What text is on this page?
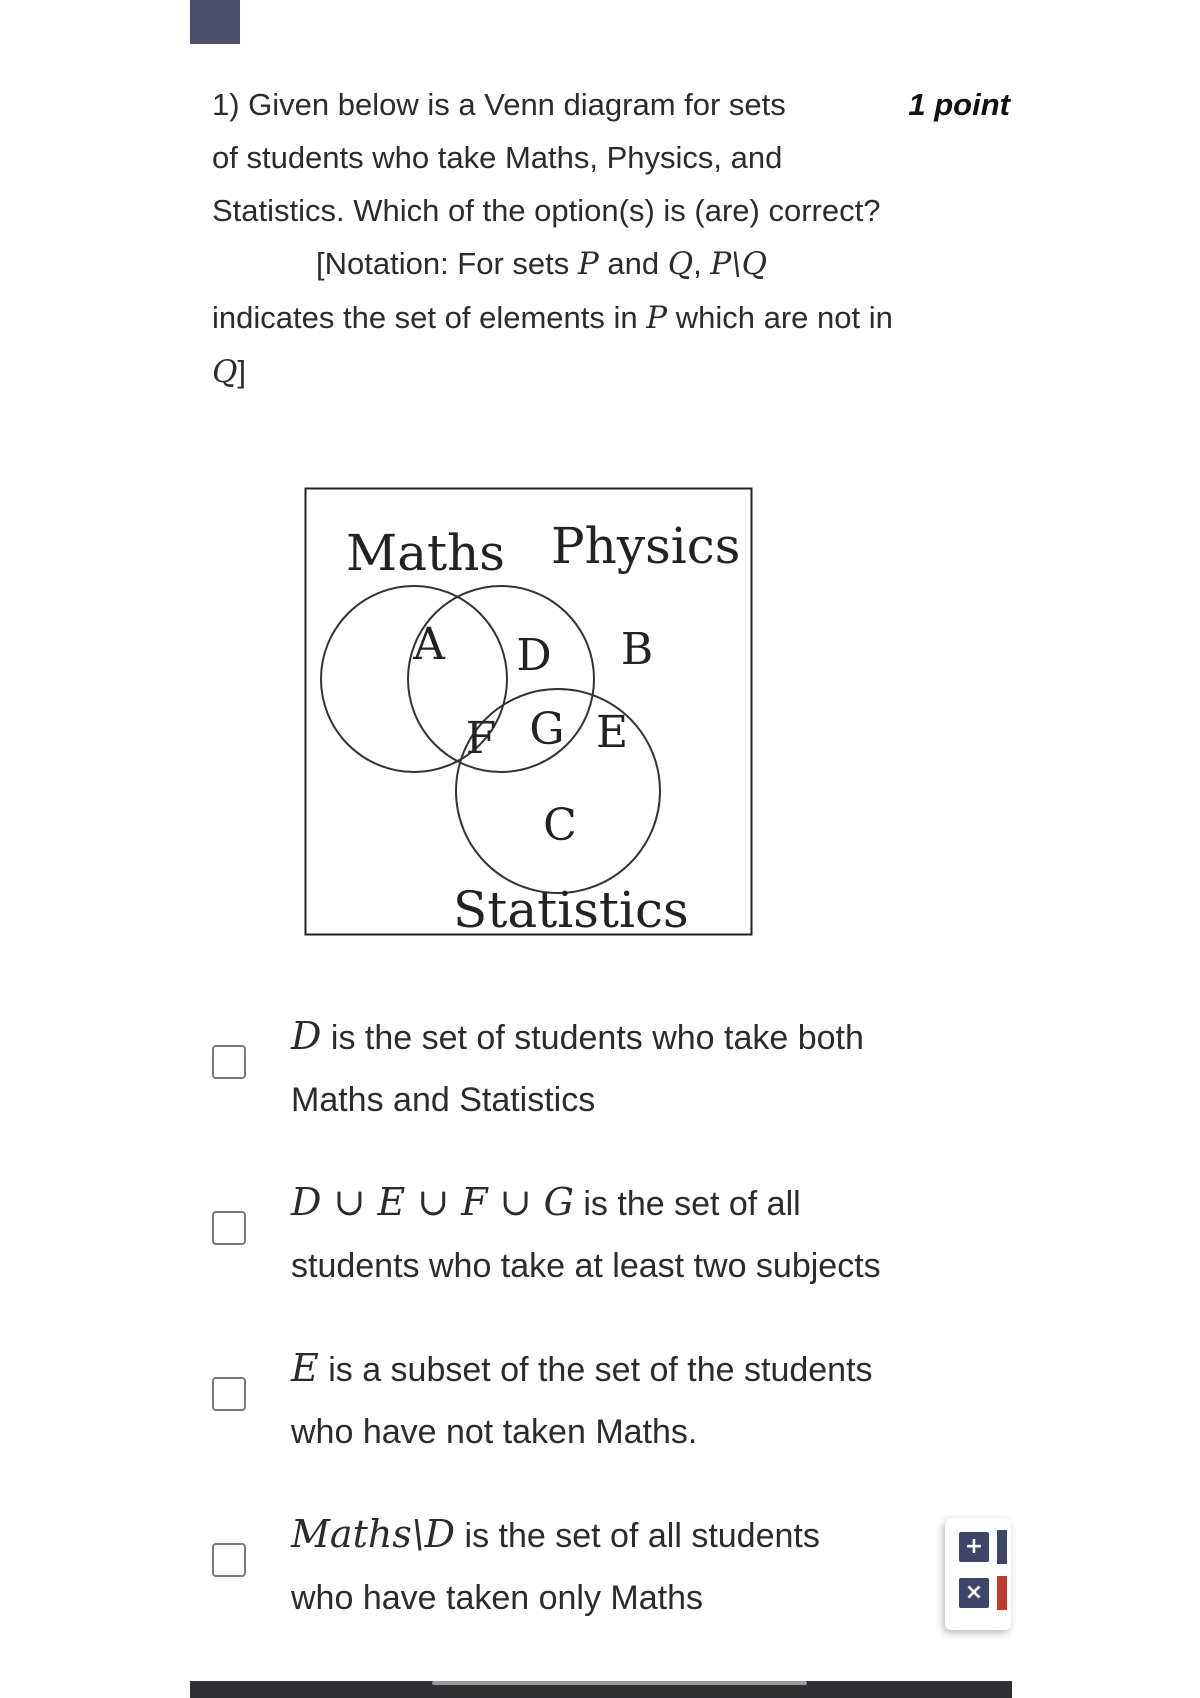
1) Given below is a Venn diagram for sets	1 point
of students who take Maths, Physics, and
Statistics. Which of the option(s) is (are) correct?
[Notation: For sets P and Q, P\Q
indicates the set of elements in P which are not in
Q]
Maths Physics
Statistics
A D B
F G E
C
D is the set of students who take both
Maths and Statistics
D ∪ E ∪ F ∪ G is the set of all
students who take at least two subjects
E is a subset of the set of the students
who have not taken Maths.
Maths\D is the set of all students
who have taken only Maths
+
×
